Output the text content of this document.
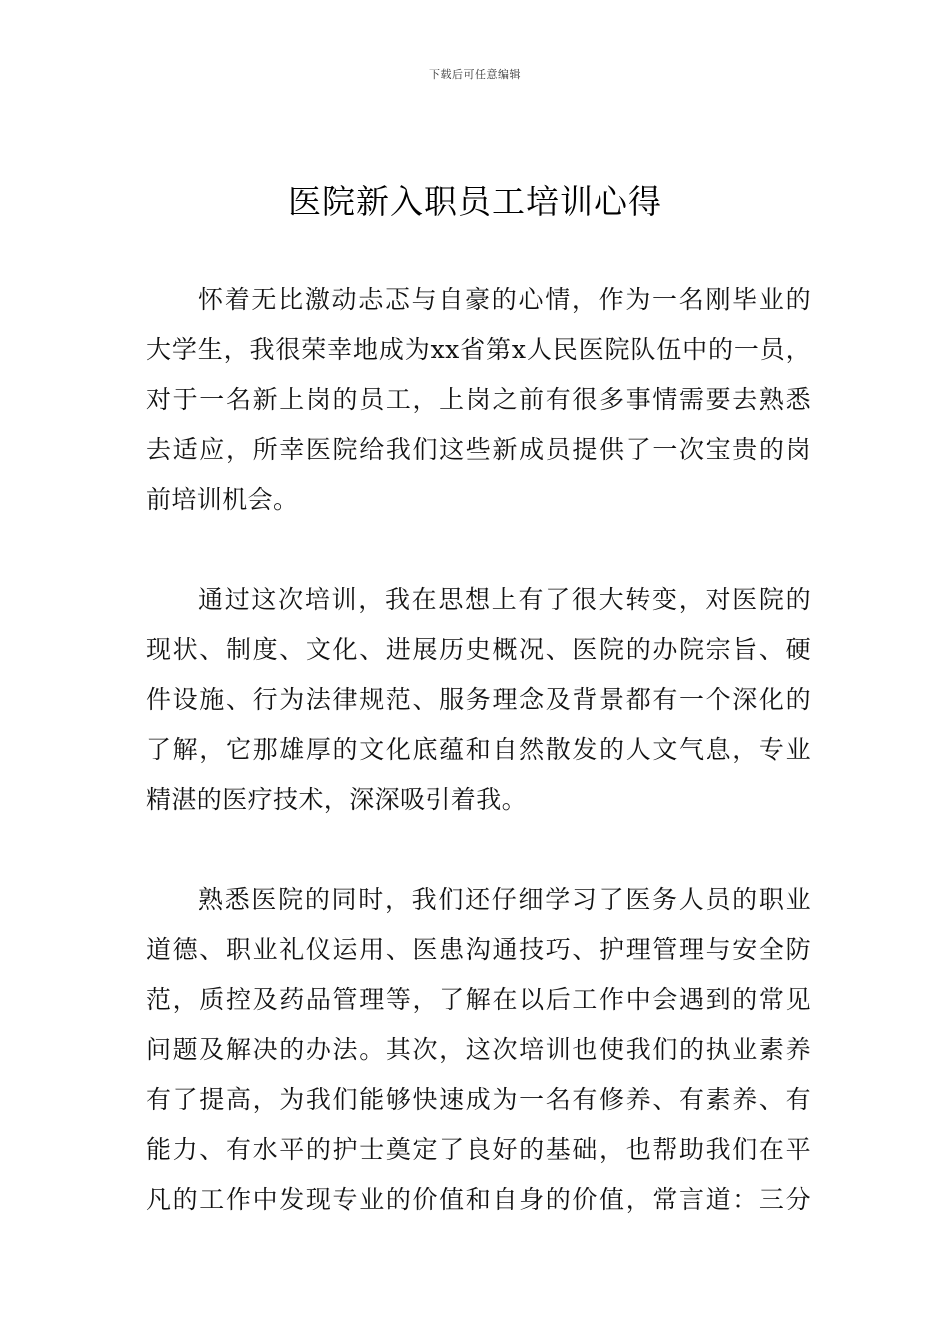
下载后可任意编辑
医院新入职员工培训心得
怀着无比激动忐忑与自豪的心情，作为一名刚毕业的
大学生，我很荣幸地成为xx省第x人民医院队伍中的一员，
对于一名新上岗的员工，上岗之前有很多事情需要去熟悉
去适应，所幸医院给我们这些新成员提供了一次宝贵的岗
前培训机会。
通过这次培训，我在思想上有了很大转变，对医院的
现状、制度、文化、进展历史概况、医院的办院宗旨、硬
件设施、行为法律规范、服务理念及背景都有一个深化的
了解，它那雄厚的文化底蕴和自然散发的人文气息，专业
精湛的医疗技术，深深吸引着我。
熟悉医院的同时，我们还仔细学习了医务人员的职业
道德、职业礼仪运用、医患沟通技巧、护理管理与安全防
范，质控及药品管理等，了解在以后工作中会遇到的常见
问题及解决的办法。其次，这次培训也使我们的执业素养
有了提高，为我们能够快速成为一名有修养、有素养、有
能力、有水平的护士奠定了良好的基础，也帮助我们在平
凡的工作中发现专业的价值和自身的价值，常言道：三分
